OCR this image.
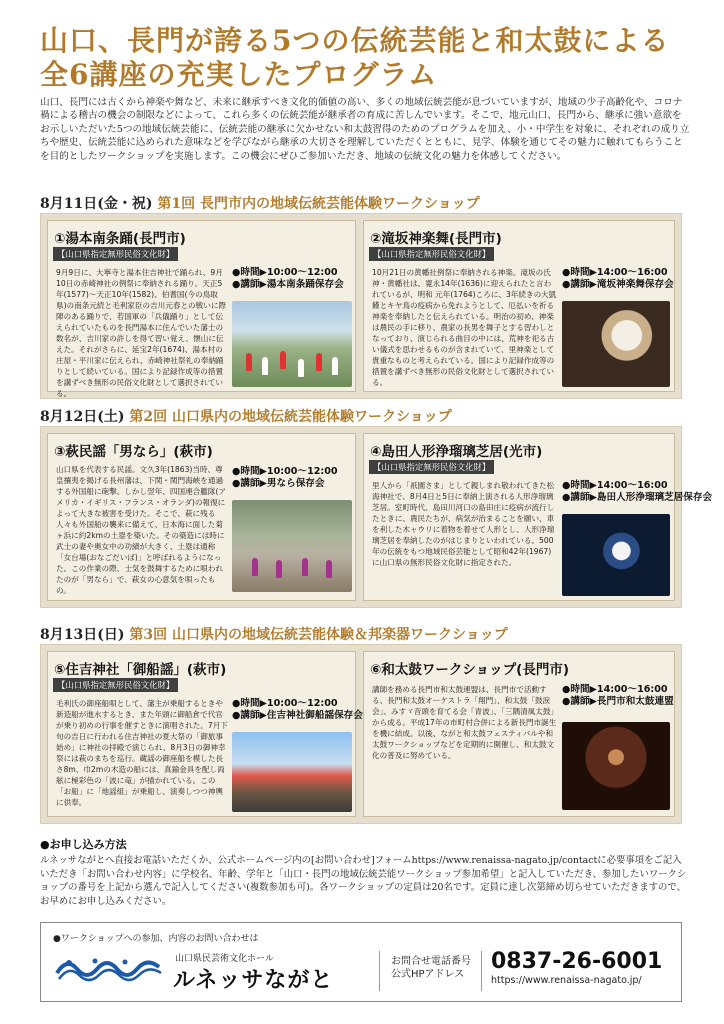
山口、長門が誇る5つの伝統芸能と和太鼓による
全6講座の充実したプログラム
山口、長門には古くから神楽や舞など、未来に継承すべき文化的価値の高い、多くの地域伝統芸能が息づいていますが、地域の少子高齢化や、コロナ禍による稽古の機会の制限などによって、これら多くの伝統芸能が継承者の育成に苦しんでいます。そこで、地元山口、長門から、継承に強い意欲をお示しいただいた5つの地域伝統芸能に、伝統芸能の継承に欠かせない和太鼓習得のためのプログラムを加え、小・中学生を対象に、それぞれの成り立ちや歴史、伝統芸能に込められた意味などを学びながら継承の大切さを理解していただくとともに、見学、体験を通じてその魅力に触れてもらうことを目的としたワークショップを実施します。この機会にぜひご参加いただき、地域の伝統文化の魅力を体感してください。
8月11日(金・祝) 第1回 長門市内の地域伝統芸能体験ワークショップ
①湯本南条踊(長門市)
【山口県指定無形民俗文化財】
9月9日に、大寧寺と湯本住吉神社で踊られ、9月10日の赤崎神社の例祭に奉納される踊り。天正5年(1577)～天正10年(1582)、伯耆国(今の鳥取県)の南条元続と毛利家臣の吉川元春との戦いに際陣のある踊りで、若国軍の「兵儀踊り」として伝えられていたものを長門湯本に住んでいた藩士の数名が、吉川家の許しを得て習い覚え、懐山に伝えた。それがさらに、延宝2年(1674)、湯本村の庄屋・平川家に伝えられ、赤崎神社祭礼の奉納踊りとして続いている。国により記録作成等の措置を講ずべき無形の民俗文化財として選択されている。
●時間▶10:00～12:00
●講師▶湯本南条踊保存会
②滝坂神楽舞(長門市)
【山口県指定無形民俗文化財】
10月21日の黄幡社例祭に奉納される神楽。滝坂の氏神・黄幡社は、寛永14年(1636)に迎えられたと言われているが、明和 元年(1764)ころに、3年続きの大凱饉とキヤ鳥の疫病から免れようとして、厄払いを祈る神楽を奉納したと伝えられている。明治の初め、神楽は農民の手に移り、農家の長男を舞子とする習わしとなっており、演じられる曲目の中には、荒神を祀る古い儀式を思わせるものが含まれていて、里神楽として貴重なものと考えられている。国により記録作成等の措置を講ずべき無形の民俗文化財として選択されている。
●時間▶14:00～16:00
●講師▶滝坂神楽舞保存会
8月12日(土) 第2回 山口県内の地域伝統芸能体験ワークショップ
③萩民謡「男なら」(萩市)
山口県を代表する民謡。文久3年(1863)当時、尊皇攘夷を掲げる長州藩は、下関・関門海峡を通過する外国船に砲撃。しかし翌年、四国連合艦隊(アメリカ・イギリス・フランス・オランダ)の報復によって大きな被害を受けた。そこで、萩に残る人々も外国船の襲来に備えて、日本海に面した菊ヶ浜に約2kmの土塁を築いた。その築造には時に武士の妻や奥女中の功績が大きく、土塁は通称「女台場(おなごだいば)」と呼ばれるようになった。この作業の際、士気を鼓舞するために唄われたのが「男なら」で、萩女の心意気を唄ったもの。
●時間▶10:00～12:00
●講師▶男なら保存会
④島田人形浄瑠璃芝居(光市)
【山口県指定無形民俗文化財】
里人から「祇園さま」として親しまれ敬われてきた松海神社で、8月4日と5日に奉納上演される人形浄瑠璃芝居。室町時代、島田川河口の島田庄に疫病が流行したときに、農民たちが、病気が治まることを願い、車を利した木ャウリに着物を着せて人形とし、人形浄瑠璃芝居を奉納したのがはじまりといわれている。500年の伝統をもつ地域民俗芸能として昭和42年(1967)に山口県の無形民俗文化財に指定された。
●時間▶14:00～16:00
●講師▶島田人形浄瑠璃芝居保存会
8月13日(日) 第3回 山口県内の地域伝統芸能体験＆邦楽器ワークショップ
⑤住吉神社「御船謡」(萩市)
【山口県指定無形民俗文化財】
毛利氏の御座船唄として、藩主が乗船するときや新造船が進水するとき、また年頭に御船倉で代官が乗り初めの行事を催すときに演唱された。7月下旬の吉日に行われる住吉神社の夏大祭の「御旅事始め」に神社の拝殿で演じられ、8月3日の御神幸祭には萩のまちを巡行。蔵謡の御座船を模した長さ8m、巾2mの木造の船には、真鍮金具を配し両舷に極彩色の「波に竜」が描かれている。この「お船」に「地謡組」が乗船し、演奏しつつ神輿に供奉。
●時間▶10:00～12:00
●講師▶住吉神社御船謡保存会
⑥和太鼓ワークショップ(長門市)
講師を務める長門市和太鼓連盟は、長門市で活動する、長門和太鼓オーケストラ「翔門」、和太鼓「鼓涙会」、みすゞ音頭を育てる会「青波」、「三隅清風太鼓」から成る。平成17年の市町村合併による新長門市誕生を機に結成。以後、ながと和太鼓フェスティバルや和太鼓ワークショップなどを定期的に開催し、和太鼓文化の普及に努めている。
●時間▶14:00～16:00
●講師▶長門市和太鼓連盟
●お申し込み方法
ルネッサながとへ直接お電話いただくか、公式ホームページ内の[お問い合わせ]フォームhttps://www.renaissa-nagato.jp/contactに必要事項をご記入いただき「お問い合わせ内容」に学校名、年齢、学年と「山口・長門の地域伝統芸能ワークショップ参加希望」と記入していただき、参加したいワークショップの番号を上記から選んで記入してください(複数参加も可)。各ワークショップの定員は20名です。定員に達し次第締め切らせていただきますので、お早めにお申し込みください。
●ワークショップへの参加、内容のお問い合わせは
山口県民芸術文化ホール
ルネッサながと
お問合せ電話番号
公式HPアドレス
0837-26-6001
https://www.renaissa-nagato.jp/
